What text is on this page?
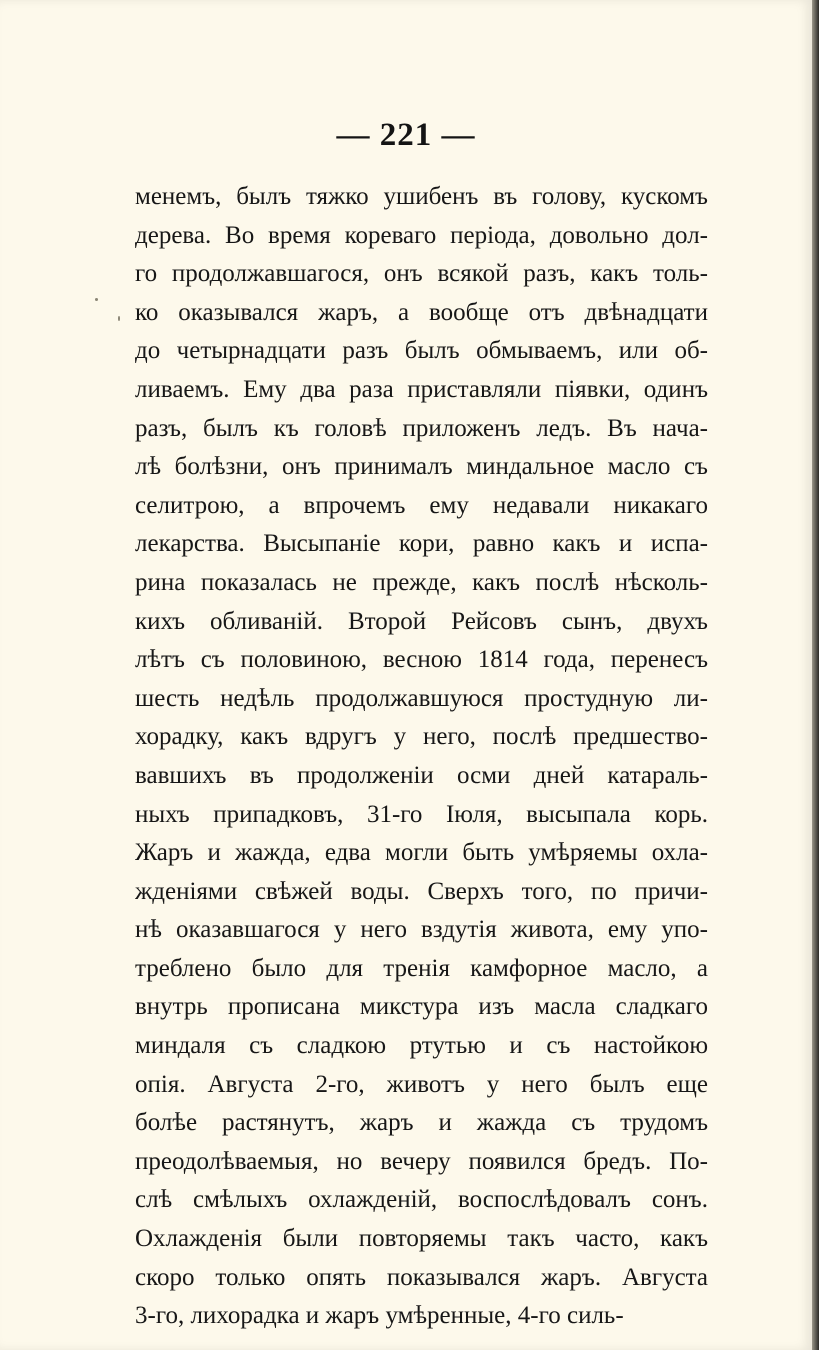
— 221 —
менемъ, былъ тяжко ушибенъ въ голову, кускомъ
дерева. Во время кореваго періода, довольно дол-
го продолжавшагося, онъ всякой разъ, какъ толь-
ко оказывался жаръ, а вообще отъ двѣнадцати
до четырнадцати разъ былъ обмываемъ, или об-
ливаемъ. Ему два раза приставляли піявки, одинъ
разъ, былъ къ головѣ приложенъ ледъ. Въ нача-
лѣ болѣзни, онъ принималъ миндальное масло съ
селитрою, а впрочемъ ему недавали никакаго
лекарства. Высыпаніе кори, равно какъ и испа-
рина показалась не прежде, какъ послѣ нѣсколь-
кихъ обливаній. Второй Рейсовъ сынъ, двухъ
лѣтъ съ половиною, весною 1814 года, перенесъ
шесть недѣль продолжавшуюся простудную ли-
хорадку, какъ вдругъ у него, послѣ предшество-
вавшихъ въ продолженіи осми дней катараль-
ныхъ припадковъ, 31-го Іюля, высыпала корь.
Жаръ и жажда, едва могли быть умѣряемы охла-
жденіями свѣжей воды. Сверхъ того, по причи-
нѣ оказавшагося у него вздутія живота, ему упо-
треблено было для тренія камфорное масло, а
внутрь прописана микстура изъ масла сладкаго
миндаля съ сладкою ртутью и съ настойкою
опія. Августа 2-го, животъ у него былъ еще
болѣе растянутъ, жаръ и жажда съ трудомъ
преодолѣваемыя, но вечеру появился бредъ. По-
слѣ смѣлыхъ охлажденій, воспослѣдовалъ сонъ.
Охлажденія были повторяемы такъ часто, какъ
скоро только опять показывался жаръ. Августа
3-го, лихорадка и жаръ умѣренные, 4-го силь-
